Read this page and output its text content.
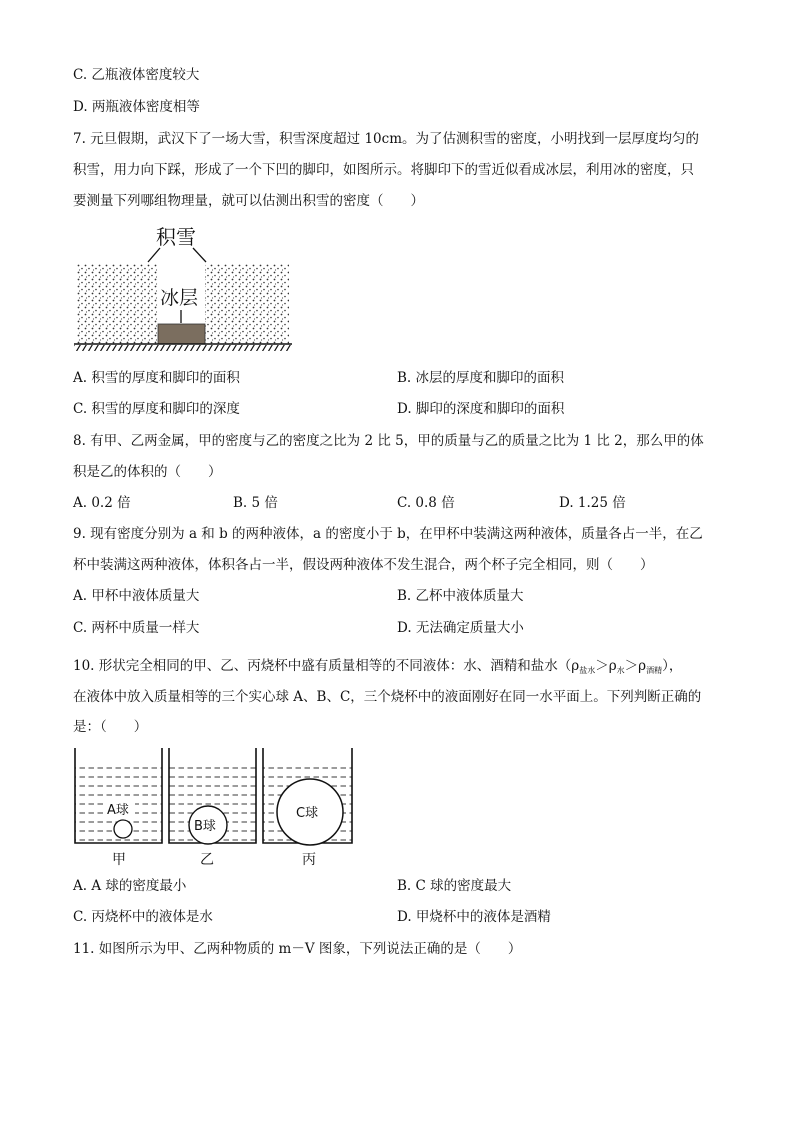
C. 乙瓶液体密度较大
D. 两瓶液体密度相等
7. 元旦假期，武汉下了一场大雪，积雪深度超过 10cm。为了估测积雪的密度，小明找到一层厚度均匀的
积雪，用力向下踩，形成了一个下凹的脚印，如图所示。将脚印下的雪近似看成冰层，利用冰的密度，只
要测量下列哪组物理量，就可以估测出积雪的密度（　　）
积雪
冰层
A. 积雪的厚度和脚印的面积	B. 冰层的厚度和脚印的面积
C. 积雪的厚度和脚印的深度	D. 脚印的深度和脚印的面积
8. 有甲、乙两金属，甲的密度与乙的密度之比为 2 比 5，甲的质量与乙的质量之比为 1 比 2，那么甲的体
积是乙的体积的（　　）
A. 0.2 倍	B. 5 倍	C. 0.8 倍	D. 1.25 倍
9. 现有密度分别为 a 和 b 的两种液体，a 的密度小于 b，在甲杯中装满这两种液体，质量各占一半，在乙
杯中装满这两种液体，体积各占一半，假设两种液体不发生混合，两个杯子完全相同，则（　　）
A. 甲杯中液体质量大	B. 乙杯中液体质量大
C. 两杯中质量一样大	D. 无法确定质量大小
10. 形状完全相同的甲、乙、丙烧杯中盛有质量相等的不同液体：水、酒精和盐水$(\rho_{盐水}>\rho_水>\rho_{酒精})$，
在液体中放入质量相等的三个实心球 A、B、C，三个烧杯中的液面刚好在同一水平面上。下列判断正确的
是：（　　）
A球
B球
C球
甲	乙	丙
A. A 球的密度最小	B. C 球的密度最大
C. 丙烧杯中的液体是水	D. 甲烧杯中的液体是酒精
11. 如图所示为甲、乙两种物质的 m－V 图象，下列说法正确的是（　　）
